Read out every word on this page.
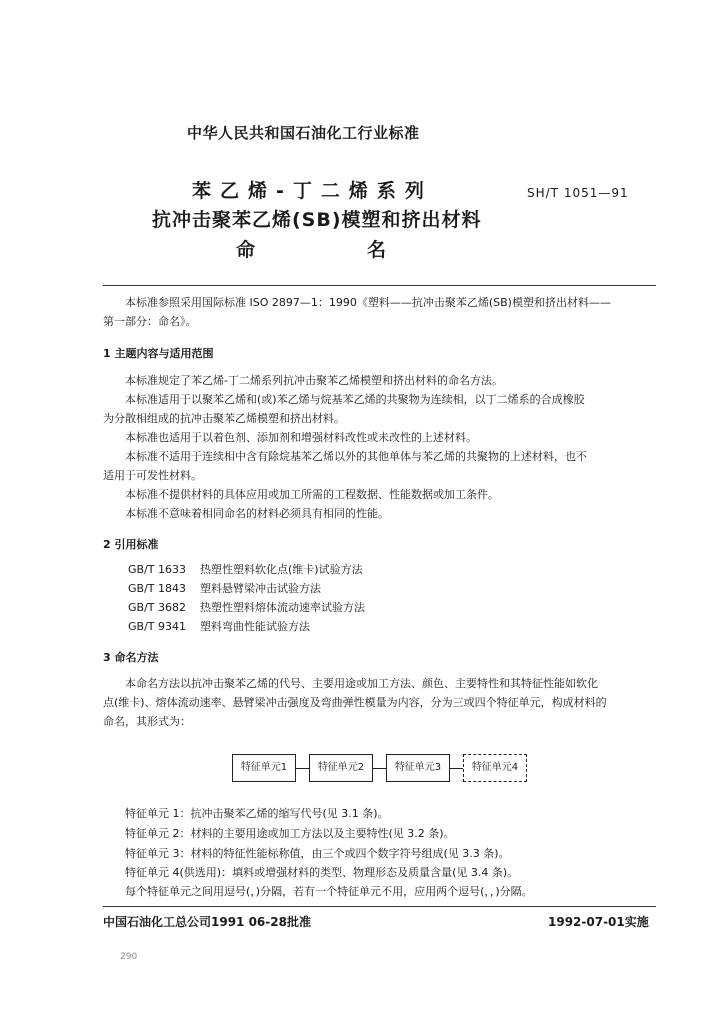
中华人民共和国石油化工行业标准
苯乙烯-丁二烯系列
抗冲击聚苯乙烯(SB)模塑和挤出材料
命	名
SH/T 1051—91
本标准参照采用国际标准 ISO 2897—1：1990《塑料——抗冲击聚苯乙烯(SB)模塑和挤出材料——
第一部分：命名》。
1 主题内容与适用范围
本标准规定了苯乙烯-丁二烯系列抗冲击聚苯乙烯模塑和挤出材料的命名方法。
本标准适用于以聚苯乙烯和(或)苯乙烯与烷基苯乙烯的共聚物为连续相，以丁二烯系的合成橡胶
为分散相组成的抗冲击聚苯乙烯模塑和挤出材料。
本标准也适用于以着色剂、添加剂和增强材料改性或未改性的上述材料。
本标准不适用于连续相中含有除烷基苯乙烯以外的其他单体与苯乙烯的共聚物的上述材料，也不
适用于可发性材料。
本标准不提供材料的具体应用或加工所需的工程数据、性能数据或加工条件。
本标准不意味着相同命名的材料必须具有相同的性能。
2 引用标准
GB/T 1633 热塑性塑料软化点(维卡)试验方法
GB/T 1843 塑料悬臂梁冲击试验方法
GB/T 3682 热塑性塑料熔体流动速率试验方法
GB/T 9341 塑料弯曲性能试验方法
3 命名方法
本命名方法以抗冲击聚苯乙烯的代号、主要用途或加工方法、颜色、主要特性和其特征性能如软化
点(维卡)、熔体流动速率、悬臂梁冲击强度及弯曲弹性模量为内容，分为三或四个特征单元，构成材料的
命名，其形式为：
特征单元1	特征单元2	特征单元3	特征单元4
特征单元 1：抗冲击聚苯乙烯的缩写代号(见 3.1 条)。
特征单元 2：材料的主要用途或加工方法以及主要特性(见 3.2 条)。
特征单元 3：材料的特征性能标称值，由三个或四个数字符号组成(见 3.3 条)。
特征单元 4(供选用)：填料或增强材料的类型、物理形态及质量含量(见 3.4 条)。
每个特征单元之间用逗号(，)分隔，若有一个特征单元不用，应用两个逗号(，，)分隔。
中国石油化工总公司1991 06-28批准	1992-07-01实施
290
